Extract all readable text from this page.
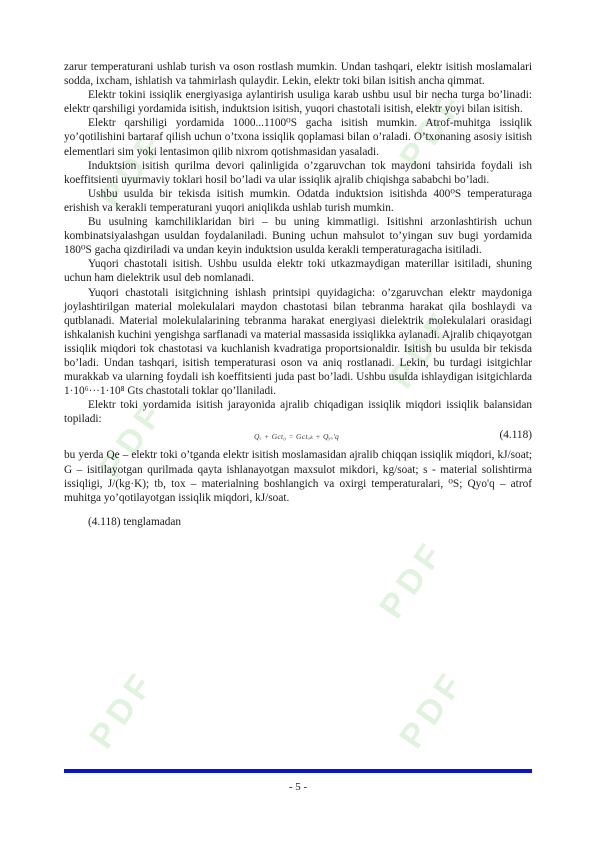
PDF	PDF
PDF
PDF
PDF
PDF
PDF

zarur temperaturani ushlab turish va oson rostlash mumkin. Undan tashqari, elektr isitish moslamalari sodda, ixcham, ishlatish va tahmirlash qulaydir. Lekin, elektr toki bilan isitish ancha qimmat.

Elektr tokini issiqlik energiyasiga aylantirish usuliga karab ushbu usul bir necha turga bo’linadi: elektr qarshiligi yordamida isitish, induktsion isitish, yuqori chastotali isitish, elektr yoyi bilan isitish.

Elektr qarshiligi yordamida 1000...1100⁰S gacha isitish mumkin. Atrof-muhitga issiqlik yo’qotilishini bartaraf qilish uchun o’txona issiqlik qoplamasi bilan o’raladi. O’txonaning asosiy isitish elementlari sim yoki lentasimon qilib nixrom qotishmasidan yasaladi.

Induktsion isitish qurilma devori qalinligida o’zgaruvchan tok maydoni tahsirida foydali ish koeffitsienti uyurmaviy toklari hosil bo’ladi va ular issiqlik ajralib chiqishga sababchi bo’ladi.

Ushbu usulda bir tekisda isitish mumkin. Odatda induktsion isitishda 400⁰S temperaturaga erishish va kerakli temperaturani yuqori aniqlikda ushlab turish mumkin.

Bu usulning kamchiliklaridan biri – bu uning kimmatligi. Isitishni arzonlashtirish uchun kombinatsiyalashgan usuldan foydalaniladi. Buning uchun mahsulot to’yingan suv bugi yordamida 180⁰S gacha qizdiriladi va undan keyin induktsion usulda kerakli temperaturagacha isitiladi.

Yuqori chastotali isitish. Ushbu usulda elektr toki utkazmaydigan materillar isitiladi, shuning uchun ham dielektrik usul deb nomlanadi.

Yuqori chastotali isitgichning ishlash printsipi quyidagicha: o’zgaruvchan elektr maydoniga joylashtirilgan material molekulalari maydon chastotasi bilan tebranma harakat qila boshlaydi va qutblanadi. Material molekulalarining tebranma harakat energiyasi dielektrik molekulalari orasidagi ishkalanish kuchini yengishga sarflanadi va material massasida issiqlikka aylanadi. Ajralib chiqayotgan issiqlik miqdori tok chastotasi va kuchlanish kvadratiga proportsionaldir. Isitish bu usulda bir tekisda bo’ladi. Undan tashqari, isitish temperaturasi oson va aniq rostlanadi. Lekin, bu turdagi isitgichlar murakkab va ularning foydali ish koeffitsienti juda past bo’ladi. Ushbu usulda ishlaydigan isitgichlarda 1·10⁶···1·10⁸ Gts chastotali toklar qo’llaniladi.

Elektr toki yordamida isitish jarayonida ajralib chiqadigan issiqlik miqdori issiqlik balansidan topiladi:

Qₑ + Gct₀ = Gctₒₖ + Qᵧₒ'q	(4.118)

bu yerda Qe – elektr toki o’tganda elektr isitish moslamasidan ajralib chiqqan issiqlik miqdori, kJ/soat; G – isitilayotgan qurilmada qayta ishlanayotgan maxsulot mikdori, kg/soat; s - material solishtirma issiqligi, J/(kg·K); tb, tox – materialning boshlangich va oxirgi temperaturalari, ⁰S; Qyo'q – atrof muhitga yo’qotilayotgan issiqlik miqdori, kJ/soat.

(4.118) tenglamadan

- 5 -
